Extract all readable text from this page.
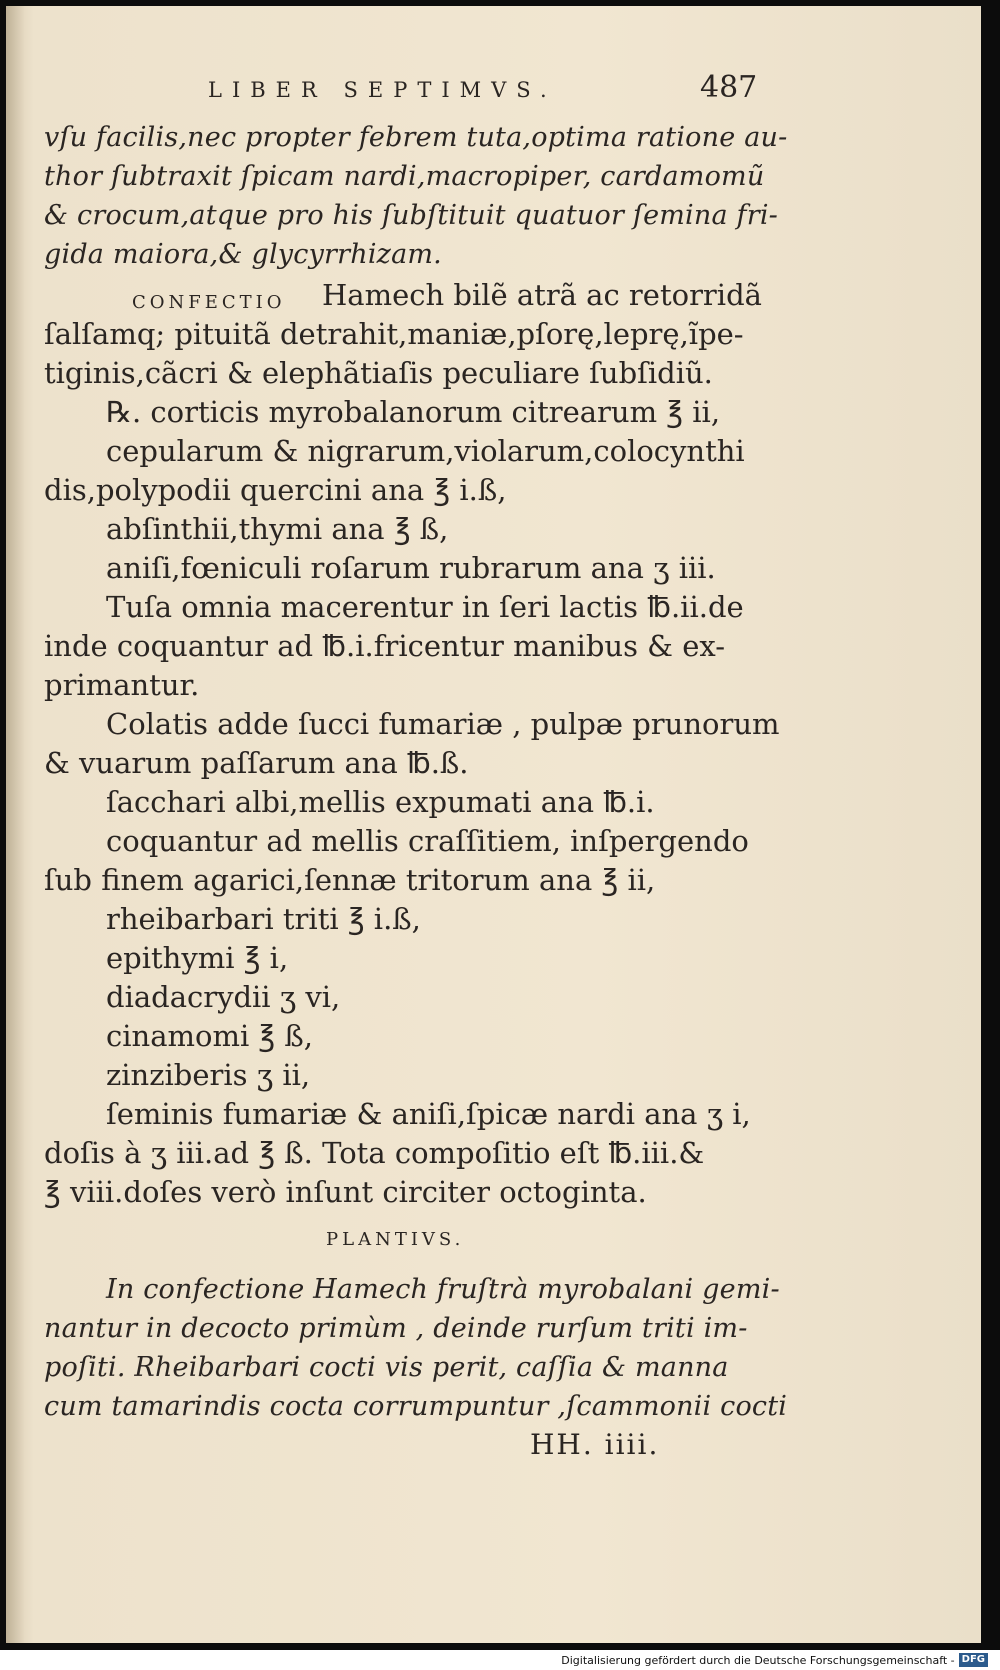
LIBER SEPTIMVS.	487
vſu facilis,nec propter febrem tuta,optima ratione au-
thor ſubtraxit ſpicam nardi,macropiper, cardamomũ
& crocum,atque pro his ſubſtituit quatuor ſemina fri-
gida maiora,& glycyrrhizam.
CONFECTIO Hamech bilẽ atrã ac retorridã
ſalſamq; pituitã detrahit,maniæ,pſorę,leprę,ĩpe-
tiginis,cãcri & elephãtiaſis peculiare ſubſidiũ.
℞. corticis myrobalanorum citrearum ℥ ii,
cepularum & nigrarum,violarum,colocynthi
dis,polypodii quercini ana ℥ i.ß,
abſinthii,thymi ana ℥ ß,
aniſi,fœniculi roſarum rubrarum ana ʒ iii.
Tuſa omnia macerentur in ſeri lactis ℔.ii.de
inde coquantur ad ℔.i.fricentur manibus & ex-
primantur.
Colatis adde ſucci fumariæ , pulpæ prunorum
& vuarum paſſarum ana ℔.ß.
ſacchari albi,mellis expumati ana ℔.i.
coquantur ad mellis craſſitiem, inſpergendo
ſub finem agarici,ſennæ tritorum ana ℥ ii,
rheibarbari triti ℥ i.ß,
epithymi ℥ i,
diadacrydii ʒ vi,
cinamomi ℥ ß,
zinziberis ʒ ii,
ſeminis fumariæ & aniſi,ſpicæ nardi ana ʒ i,
doſis à ʒ iii.ad ℥ ß. Tota compoſitio eſt ℔.iii.&
℥ viii.doſes verò inſunt circiter octoginta.
PLANTIVS.
In confectione Hamech fruſtrà myrobalani gemi-
nantur in decocto primùm , deinde rurſum triti im-
poſiti. Rheibarbari cocti vis perit, caſſia & manna
cum tamarindis cocta corrumpuntur ,ſcammonii cocti
HH. iiii.
Digitalisierung gefördert durch die Deutsche Forschungsgemeinschaft - DFG
